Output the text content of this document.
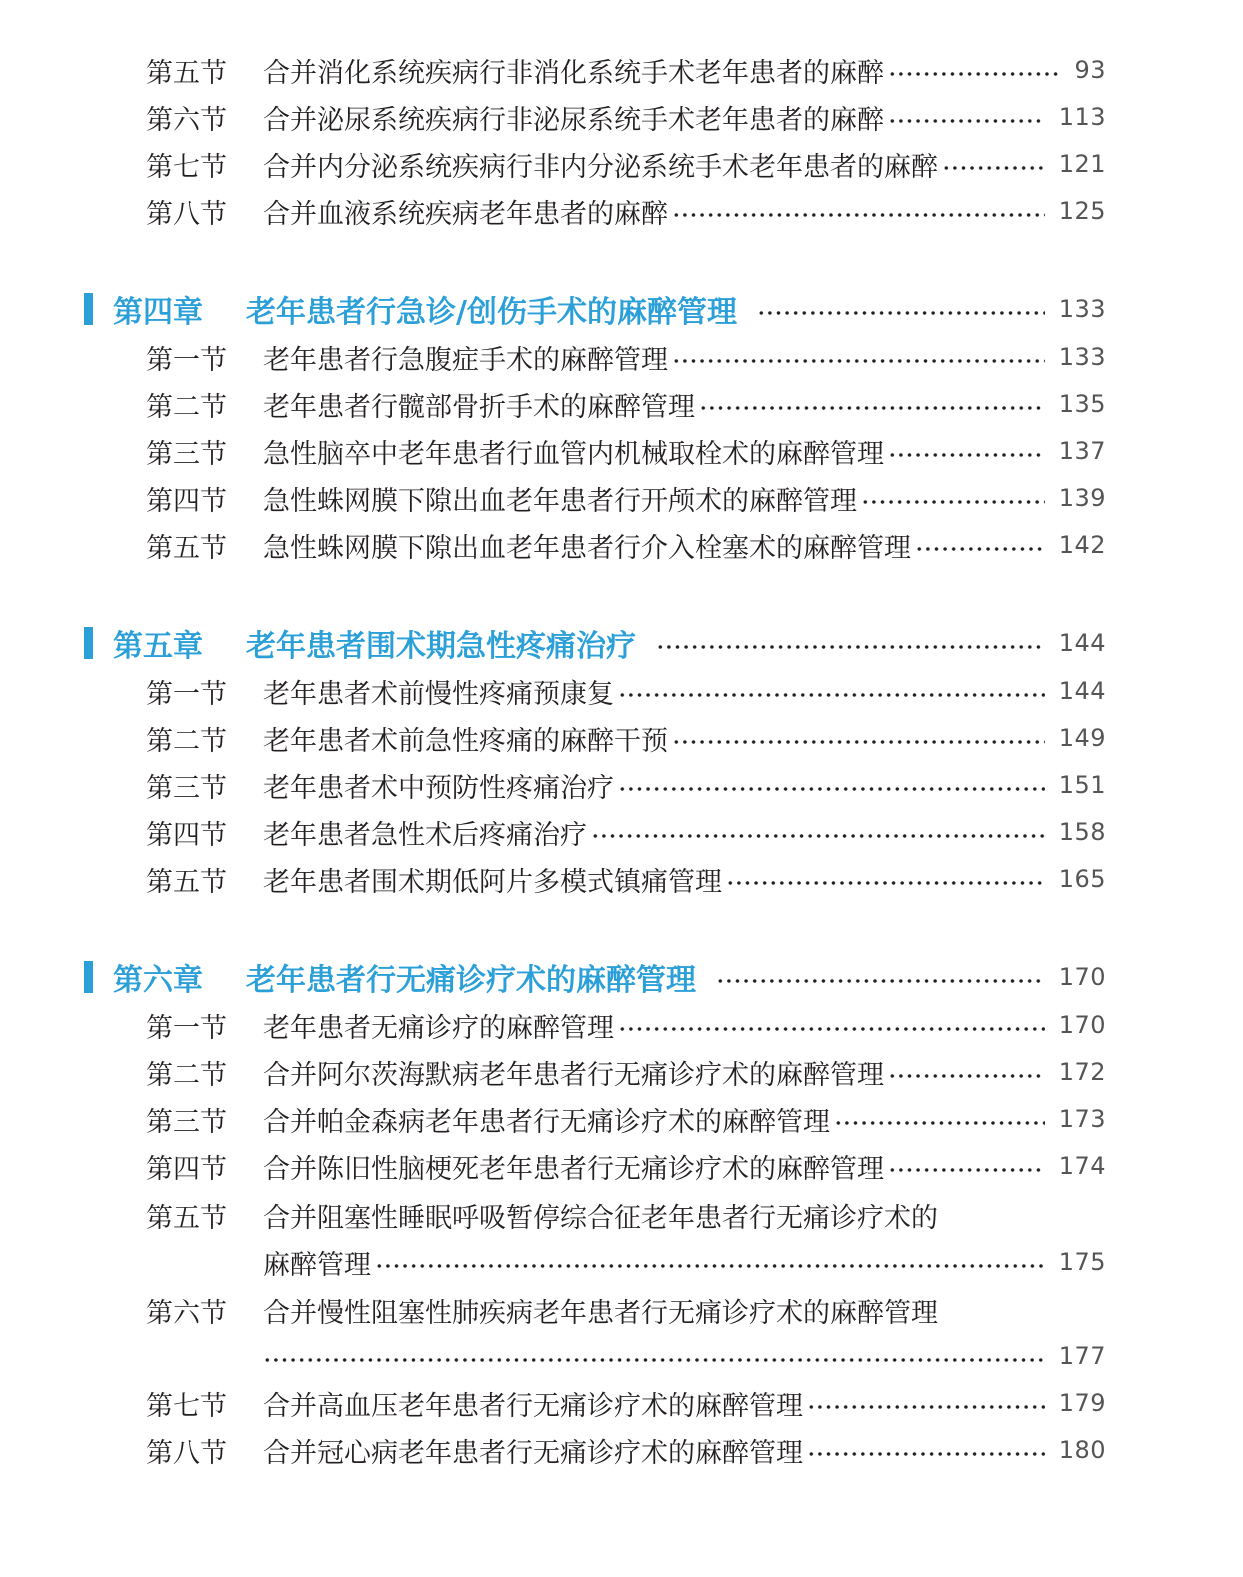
第五节	合并消化系统疾病行非消化系统手术老年患者的麻醉	93
第六节	合并泌尿系统疾病行非泌尿系统手术老年患者的麻醉	113
第七节	合并内分泌系统疾病行非内分泌系统手术老年患者的麻醉	121
第八节	合并血液系统疾病老年患者的麻醉	125
第四章	老年患者行急诊/创伤手术的麻醉管理	133
第一节	老年患者行急腹症手术的麻醉管理	133
第二节	老年患者行髋部骨折手术的麻醉管理	135
第三节	急性脑卒中老年患者行血管内机械取栓术的麻醉管理	137
第四节	急性蛛网膜下隙出血老年患者行开颅术的麻醉管理	139
第五节	急性蛛网膜下隙出血老年患者行介入栓塞术的麻醉管理	142
第五章	老年患者围术期急性疼痛治疗	144
第一节	老年患者术前慢性疼痛预康复	144
第二节	老年患者术前急性疼痛的麻醉干预	149
第三节	老年患者术中预防性疼痛治疗	151
第四节	老年患者急性术后疼痛治疗	158
第五节	老年患者围术期低阿片多模式镇痛管理	165
第六章	老年患者行无痛诊疗术的麻醉管理	170
第一节	老年患者无痛诊疗的麻醉管理	170
第二节	合并阿尔茨海默病老年患者行无痛诊疗术的麻醉管理	172
第三节	合并帕金森病老年患者行无痛诊疗术的麻醉管理	173
第四节	合并陈旧性脑梗死老年患者行无痛诊疗术的麻醉管理	174
第五节	合并阻塞性睡眠呼吸暂停综合征老年患者行无痛诊疗术的
麻醉管理	175
第六节	合并慢性阻塞性肺疾病老年患者行无痛诊疗术的麻醉管理
177
第七节	合并高血压老年患者行无痛诊疗术的麻醉管理	179
第八节	合并冠心病老年患者行无痛诊疗术的麻醉管理	180
